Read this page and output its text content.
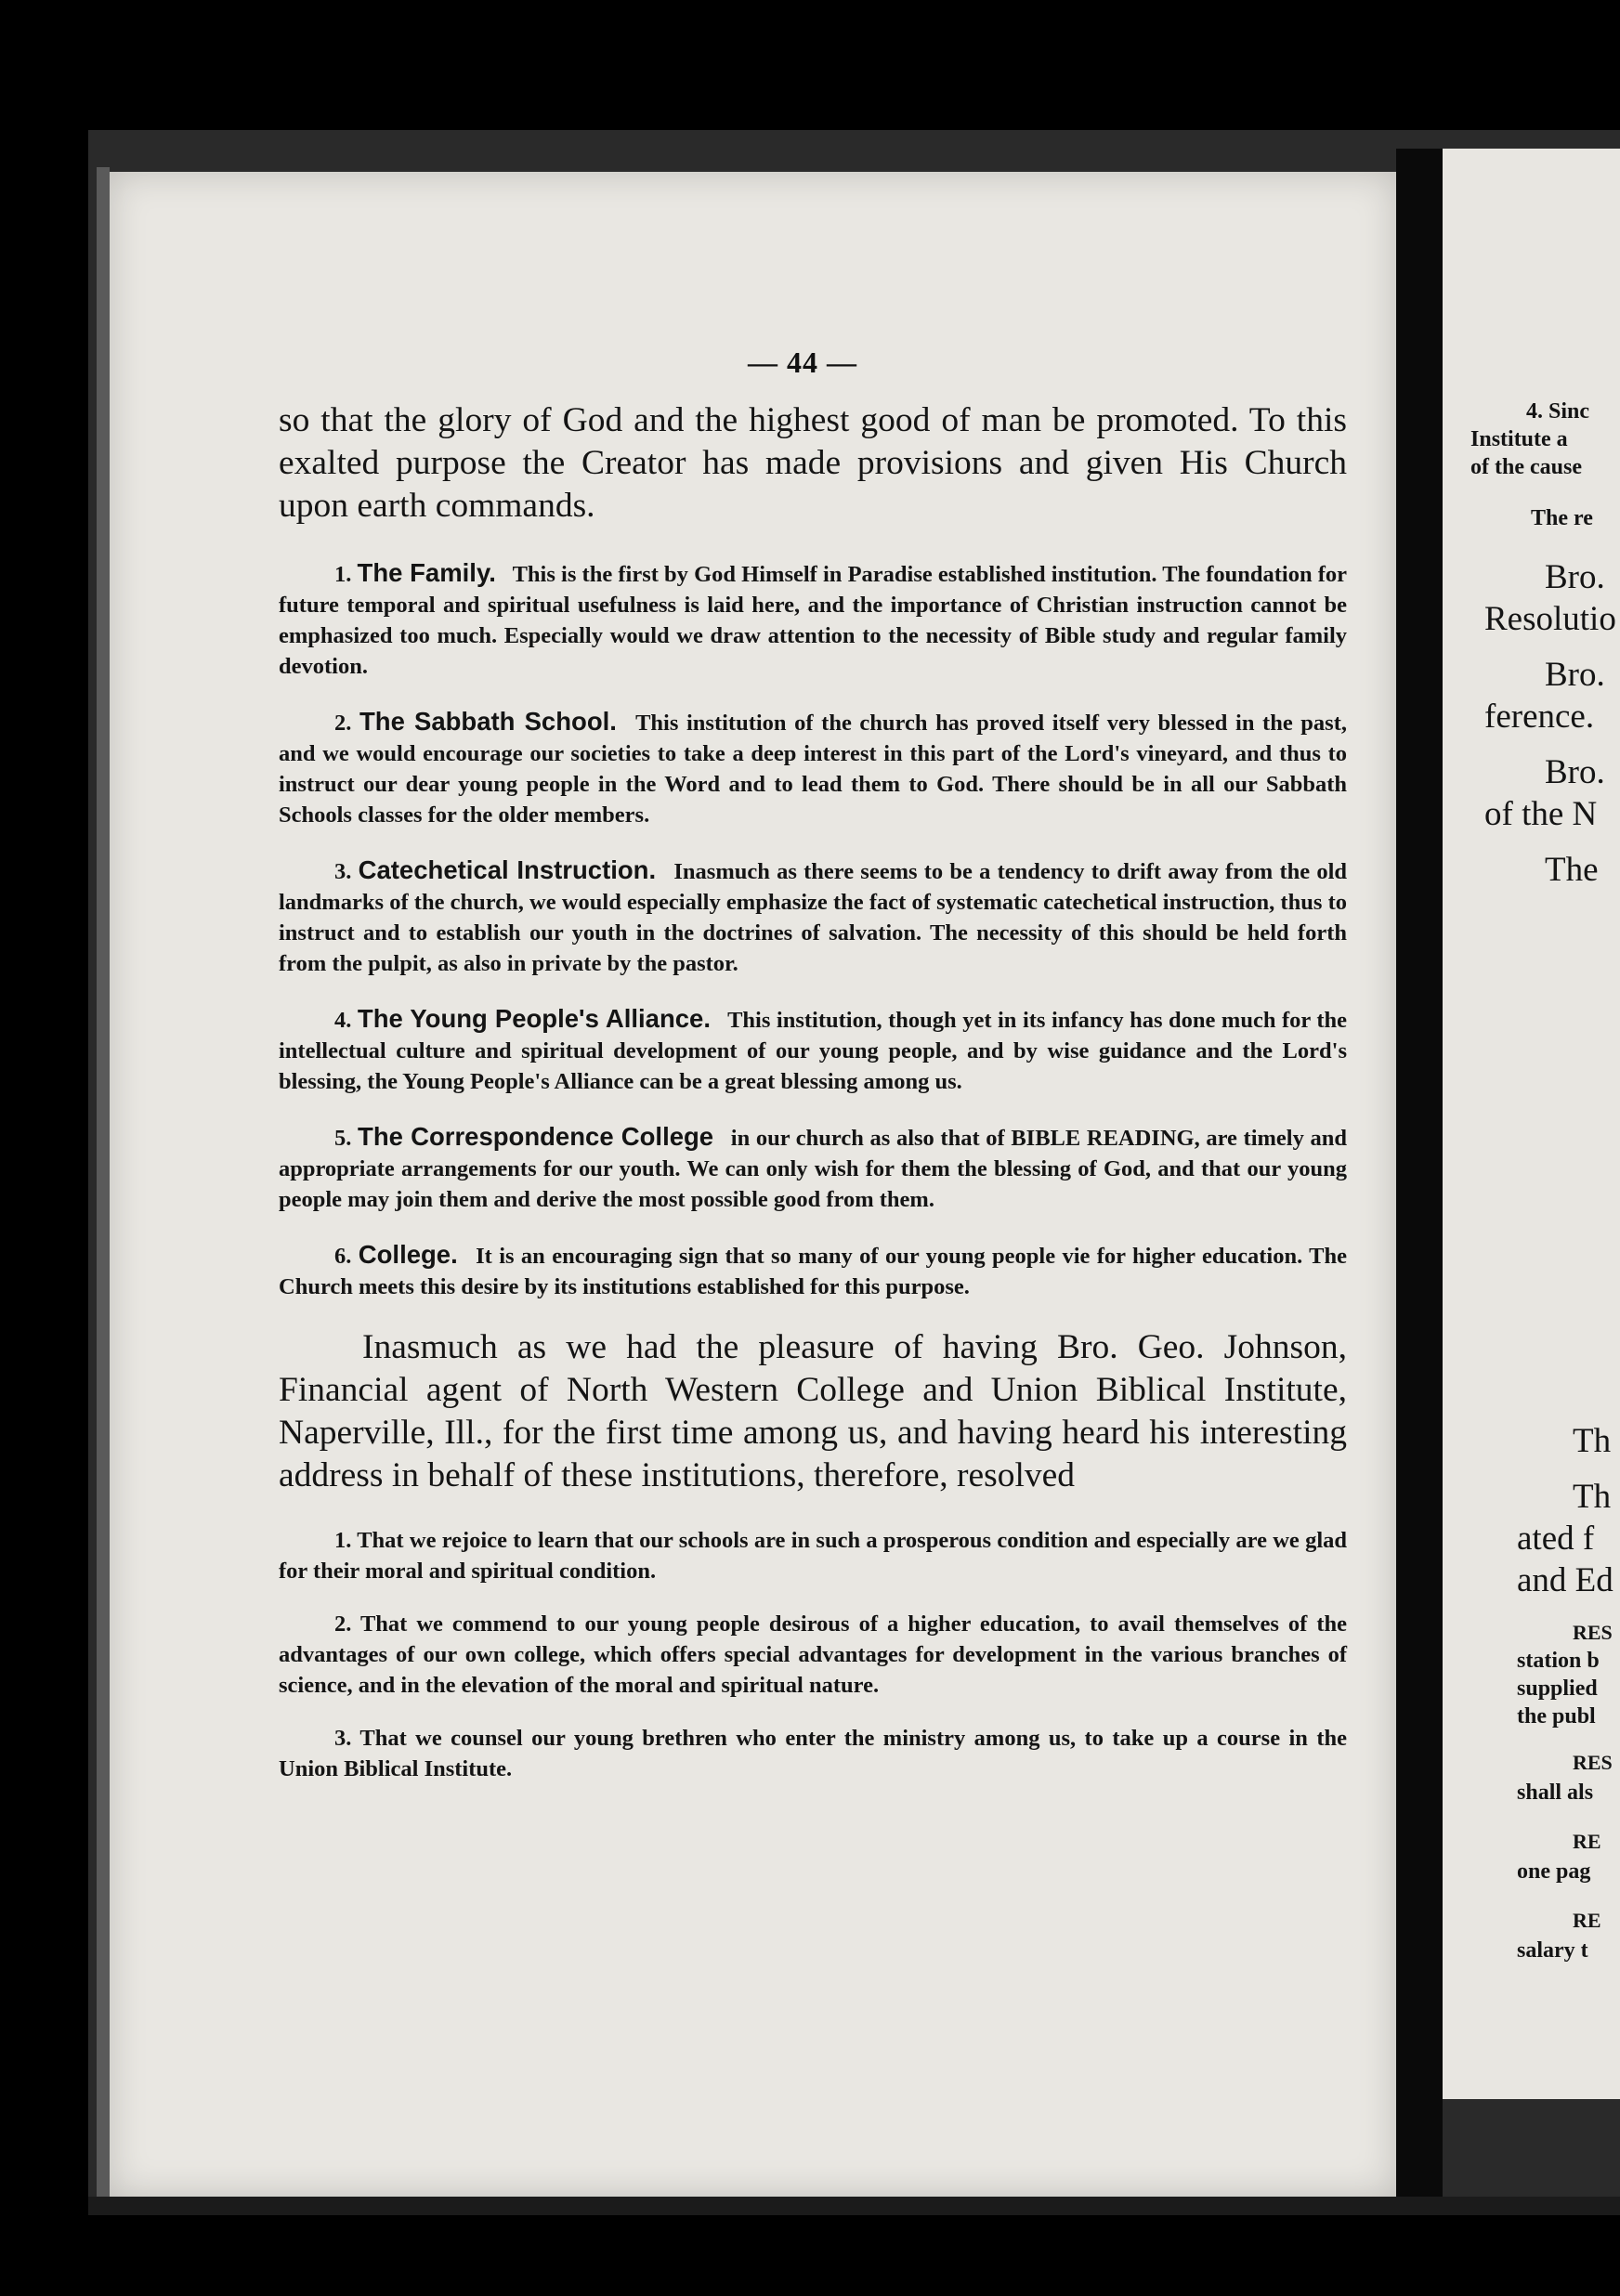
— 44 —

so that the glory of God and the highest good of man be promoted. To this exalted purpose the Creator has made provisions and given His Church upon earth commands.

1. The Family. This is the first by God Himself in Paradise established institution. The foundation for future temporal and spiritual usefulness is laid here, and the importance of Christian instruction cannot be emphasized too much. Especially would we draw attention to the necessity of Bible study and regular family devotion.

2. The Sabbath School. This institution of the church has proved itself very blessed in the past, and we would encourage our societies to take a deep interest in this part of the Lord's vineyard, and thus to instruct our dear young people in the Word and to lead them to God. There should be in all our Sabbath Schools classes for the older members.

3. Catechetical Instruction. Inasmuch as there seems to be a tendency to drift away from the old landmarks of the church, we would especially emphasize the fact of systematic catechetical instruction, thus to instruct and to establish our youth in the doctrines of salvation. The necessity of this should be held forth from the pulpit, as also in private by the pastor.

4. The Young People's Alliance. This institution, though yet in its infancy has done much for the intellectual culture and spiritual development of our young people, and by wise guidance and the Lord's blessing, the Young People's Alliance can be a great blessing among us.

5. The Correspondence College in our church as also that of BIBLE READING, are timely and appropriate arrangements for our youth. We can only wish for them the blessing of God, and that our young people may join them and derive the most possible good from them.

6. College. It is an encouraging sign that so many of our young people vie for higher education. The Church meets this desire by its institutions established for this purpose.

Inasmuch as we had the pleasure of having Bro. Geo. Johnson, Financial agent of North Western College and Union Biblical Institute, Naperville, Ill., for the first time among us, and having heard his interesting address in behalf of these institutions, therefore, resolved

1. That we rejoice to learn that our schools are in such a prosperous condition and especially are we glad for their moral and spiritual condition.

2. That we commend to our young people desirous of a higher education, to avail themselves of the advantages of our own college, which offers special advantages for development in the various branches of science, and in the elevation of the moral and spiritual nature.

3. That we counsel our young brethren who enter the ministry among us, to take up a course in the Union Biblical Institute.

4. Sinc
Institute a
of the cause
The re
Bro.
Resolutio
Bro.
ference.
Bro.
of the N
The
Th
Th
ated f
and Ed
RES
station b
supplied
the publ
RES
shall als
RE
one pag
RE
salary t
